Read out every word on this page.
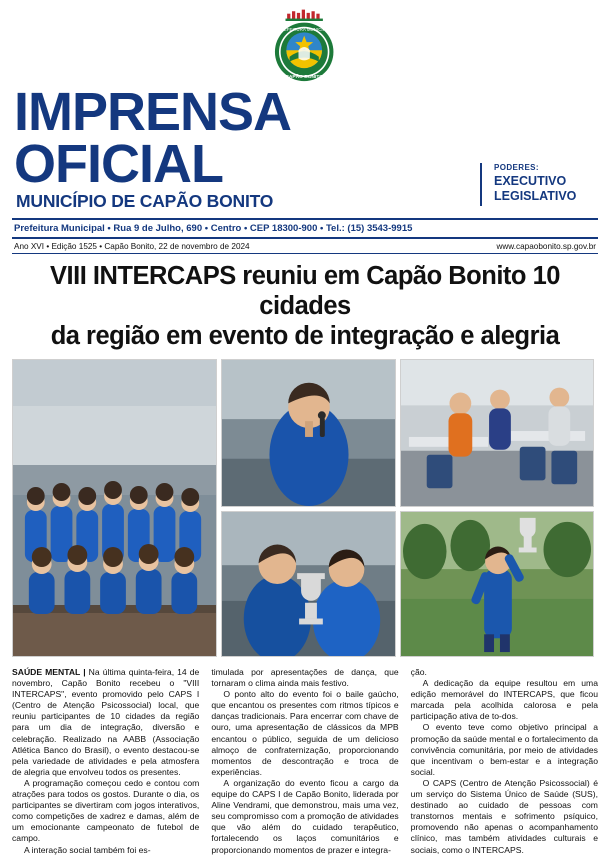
PREFEITURA MUNICIPAL
CAPÃO BONITO
IMPRENSA OFICIAL
MUNICÍPIO DE CAPÃO BONITO
PODERES:
EXECUTIVO
LEGISLATIVO
Prefeitura Municipal • Rua 9 de Julho, 690 • Centro • CEP 18300-900 • Tel.: (15) 3543-9915
Ano XVI • Edição 1525 • Capão Bonito, 22 de novembro de 2024	www.capaobonito.sp.gov.br
VIII INTERCAPS reuniu em Capão Bonito 10 cidades
da região em evento de integração e alegria

SAÚDE MENTAL | Na última quinta-feira, 14 de novembro, Capão Bonito recebeu o "VIII INTERCAPS", evento promovido pelo CAPS I (Centro de Atenção Psicossocial) local, que reuniu participantes de 10 cidades da região para um dia de integração, diversão e celebração. Realizado na AABB (Associação Atlética Banco do Brasil), o evento destacou-se pela variedade de atividades e pela atmosfera de alegria que envolveu todos os presentes.

A programação começou cedo e contou com atrações para todos os gostos. Durante o dia, os participantes se divertiram com jogos interativos, como competições de xadrez e damas, além de um emocionante campeonato de futebol de campo.

A interação social também foi es-

timulada por apresentações de dança, que tornaram o clima ainda mais festivo.

O ponto alto do evento foi o baile gaúcho, que encantou os presentes com ritmos típicos e danças tradicionais. Para encerrar com chave de ouro, uma apresentação de clássicos da MPB encantou o público, seguida de um delicioso almoço de confraternização, proporcionando momentos de descontração e troca de experiências.

A organização do evento ficou a cargo da equipe do CAPS I de Capão Bonito, liderada por Aline Vendrami, que demonstrou, mais uma vez, seu compromisso com a promoção de atividades que vão além do cuidado terapêutico, fortalecendo os laços comunitários e proporcionando momentos de prazer e integra-

ção.

A dedicação da equipe resultou em uma edição memorável do INTERCAPS, que ficou marcada pela acolhida calorosa e pela participação ativa de to-dos.

O evento teve como objetivo principal a promoção da saúde mental e o fortalecimento da convivência comunitária, por meio de atividades que incentivam o bem-estar e a integração social.

O CAPS (Centro de Atenção Psicossocial) é um serviço do Sistema Único de Saúde (SUS), destinado ao cuidado de pessoas com transtornos mentais e sofrimento psíquico, promovendo não apenas o acompanhamento clínico, mas também atividades culturais e sociais, como o INTERCAPS.
